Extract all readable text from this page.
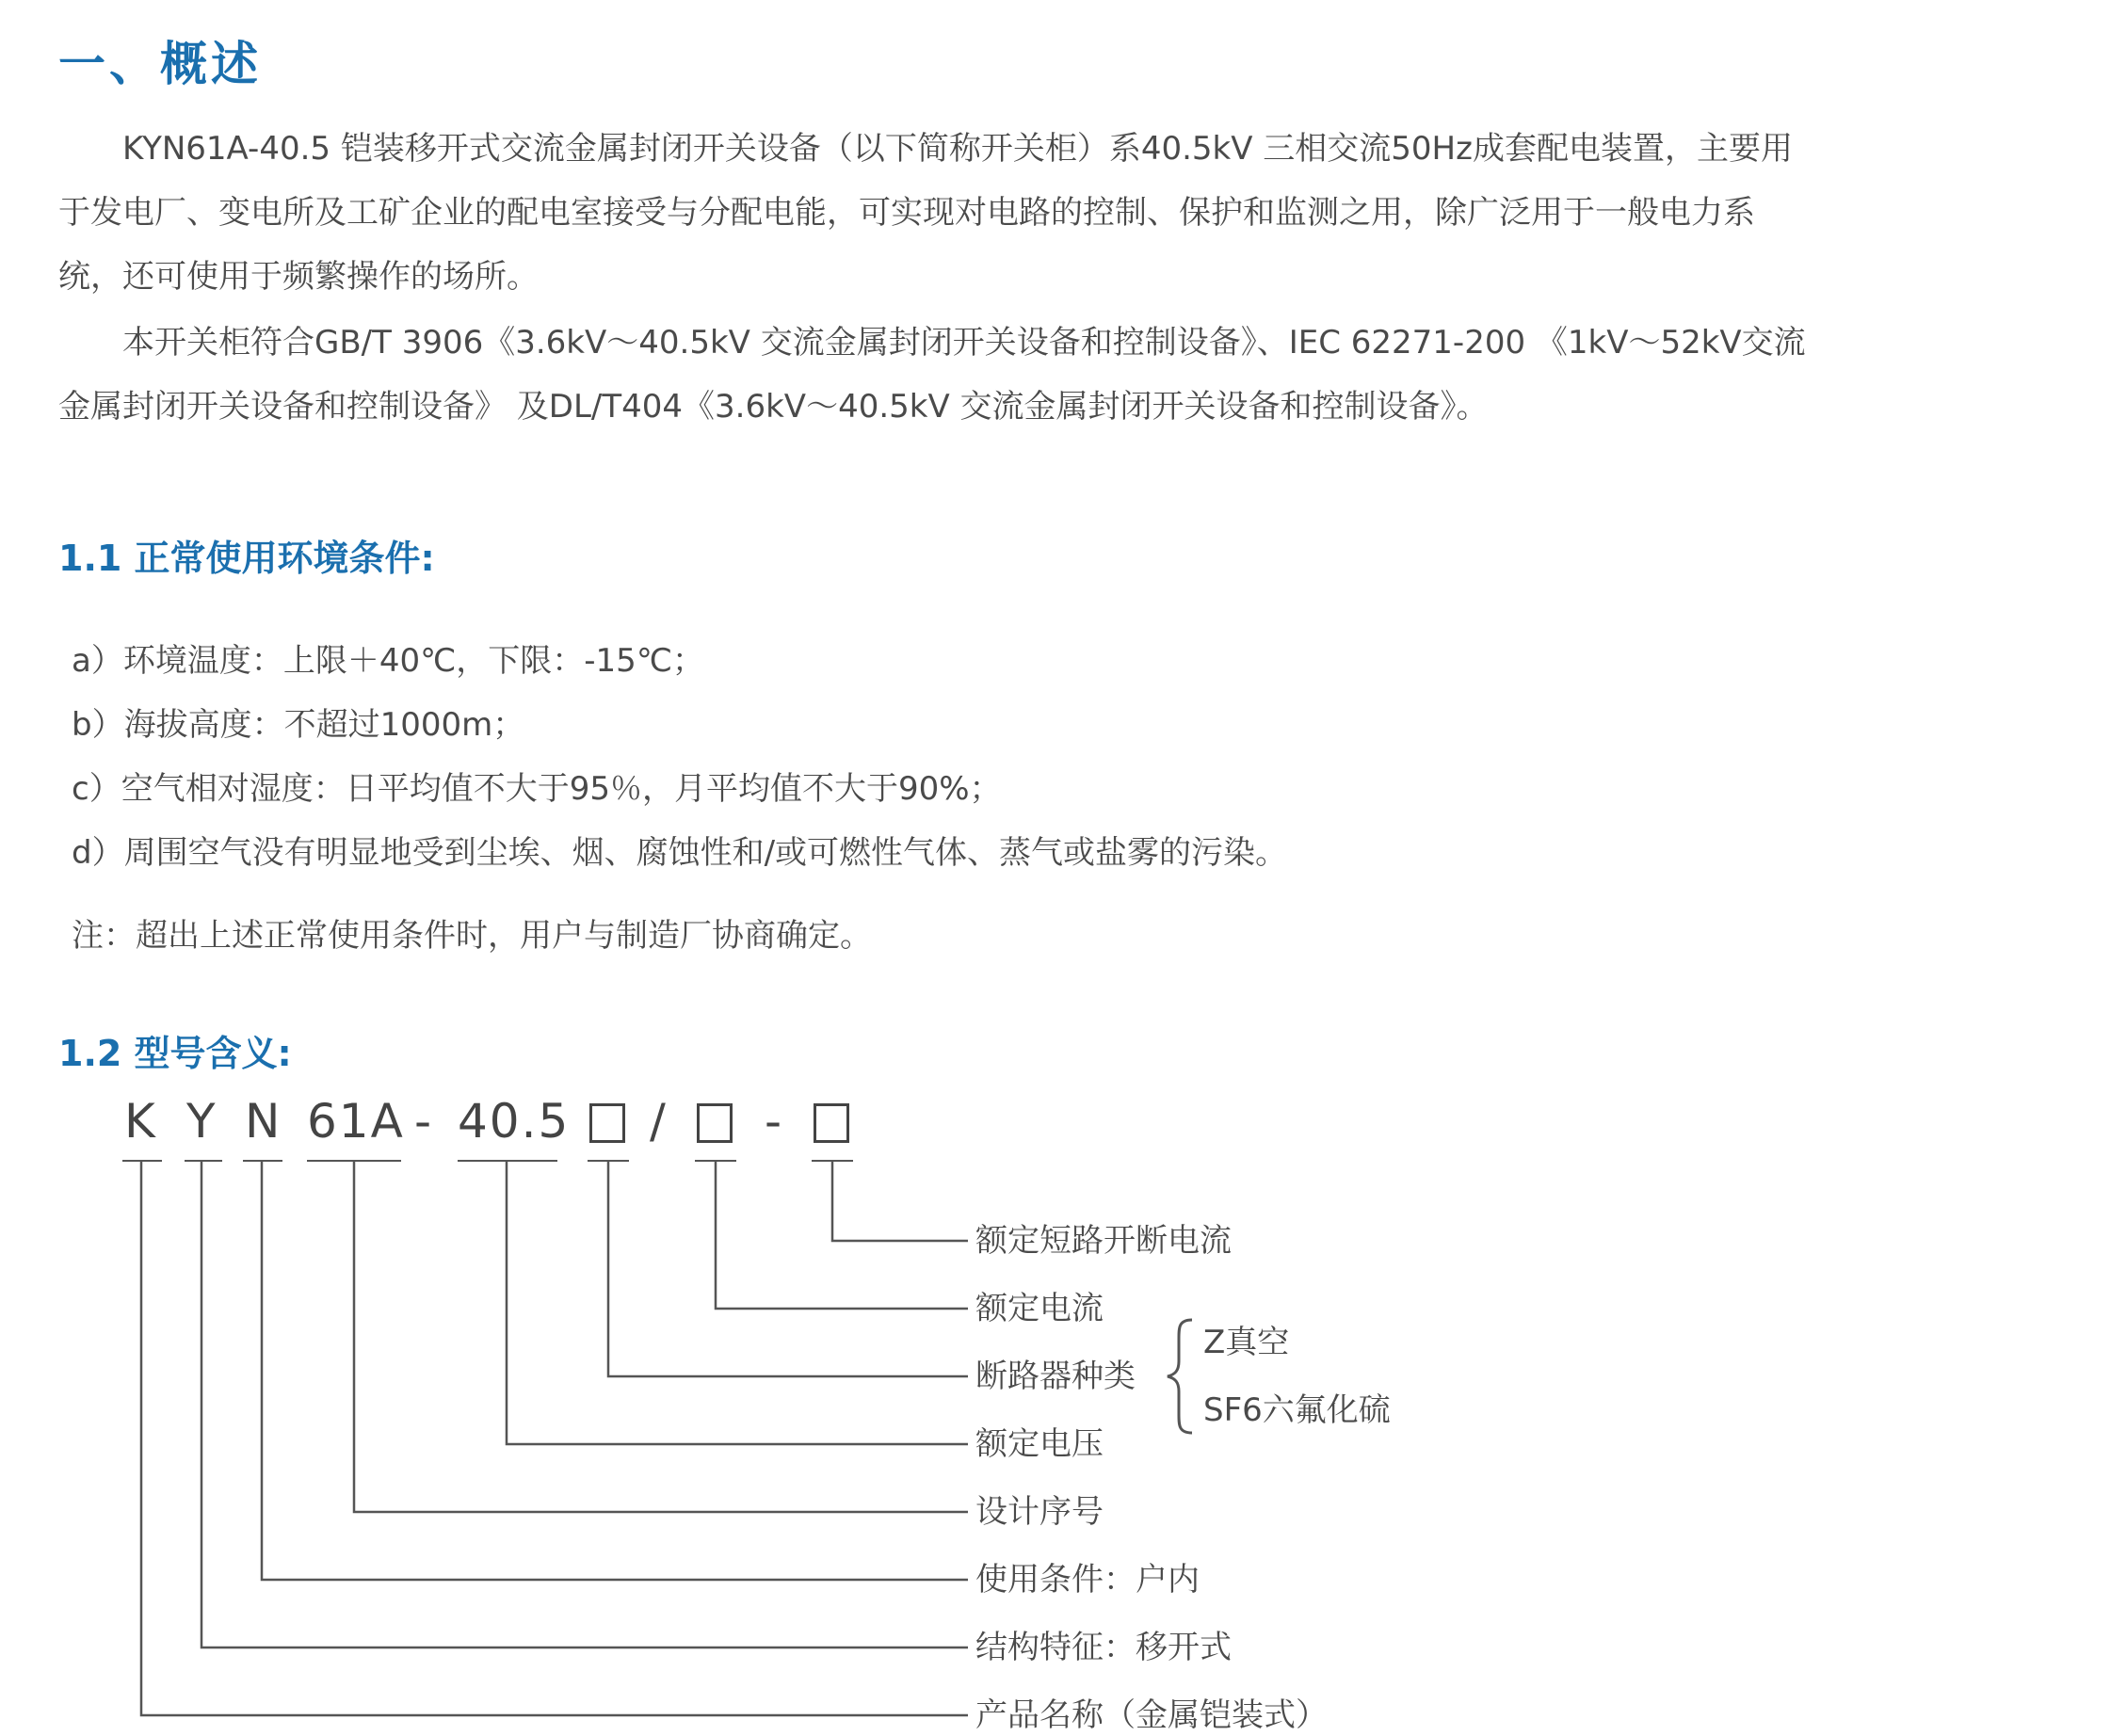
一、概述

　　KYN61A-40.5 铠装移开式交流金属封闭开关设备（以下简称开关柜）系40.5kV 三相交流50Hz成套配电装置，主要用

于发电厂、变电所及工矿企业的配电室接受与分配电能，可实现对电路的控制、保护和监测之用，除广泛用于一般电力系

统，还可使用于频繁操作的场所。

　　本开关柜符合GB/T 3906《3.6kV～40.5kV 交流金属封闭开关设备和控制设备》、IEC 62271-200 《1kV～52kV交流

金属封闭开关设备和控制设备》 及DL/T404《3.6kV～40.5kV 交流金属封闭开关设备和控制设备》。

1.1 正常使用环境条件:
a）环境温度：上限＋40℃，下限：-15℃；
b）海拔高度：不超过1000m；
c）空气相对湿度：日平均值不大于95％，月平均值不大于90%；
d）周围空气没有明显地受到尘埃、烟、腐蚀性和/或可燃性气体、蒸气或盐雾的污染。
注：超出上述正常使用条件时，用户与制造厂协商确定。
1.2 型号含义:
K Y N 61A - 40.5 / -
额定短路开断电流
额定电流
断路器种类
Z真空
SF6六氟化硫
额定电压
设计序号
使用条件：户内
结构特征：移开式
产品名称（金属铠装式）
